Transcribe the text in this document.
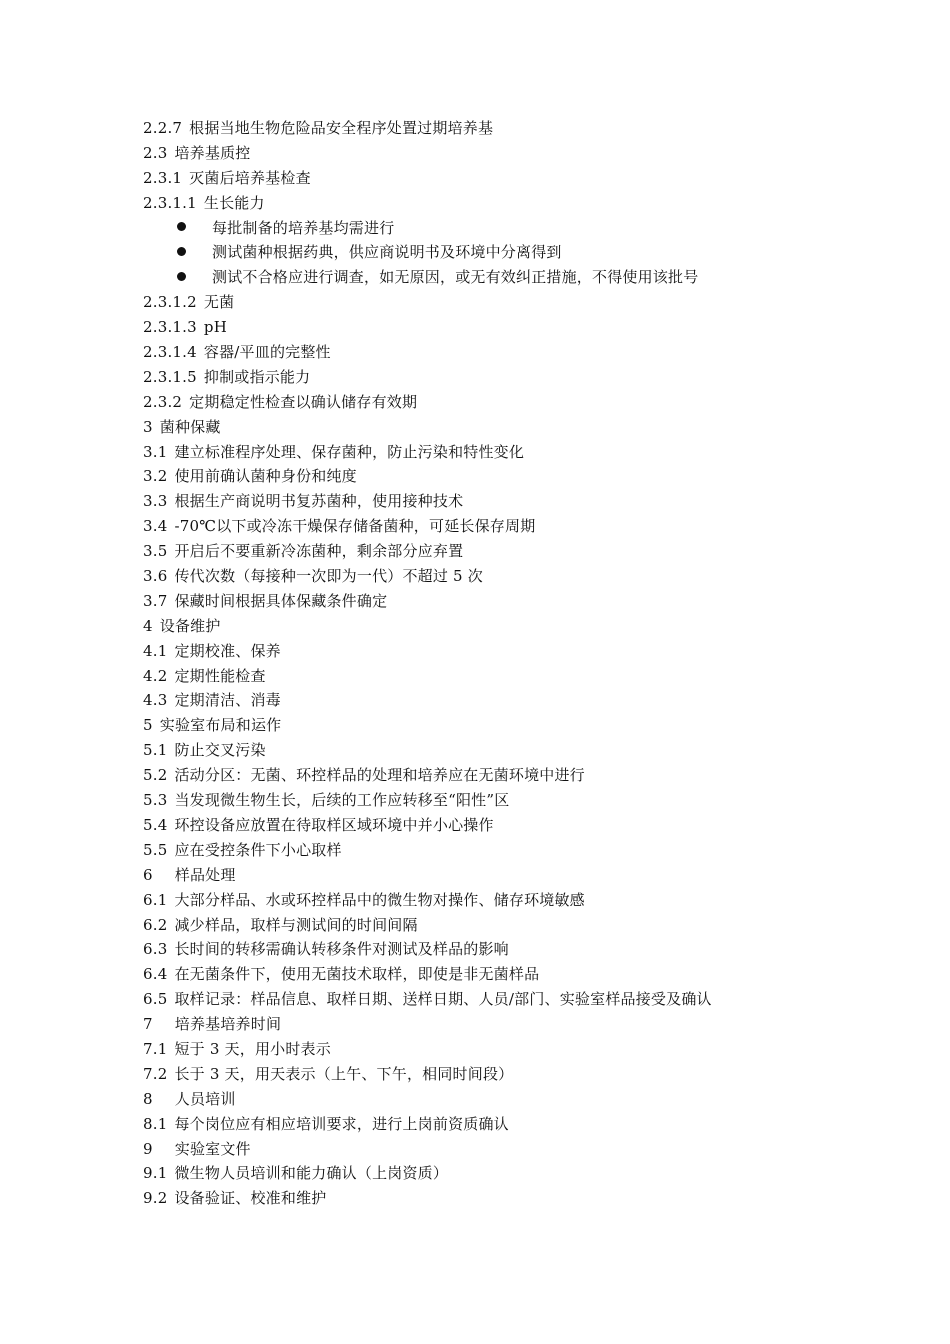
2.2.7 根据当地生物危险品安全程序处置过期培养基
2.3 培养基质控
2.3.1 灭菌后培养基检查
2.3.1.1 生长能力
每批制备的培养基均需进行
测试菌种根据药典，供应商说明书及环境中分离得到
测试不合格应进行调查，如无原因，或无有效纠正措施，不得使用该批号
2.3.1.2 无菌
2.3.1.3 pH
2.3.1.4 容器/平皿的完整性
2.3.1.5 抑制或指示能力
2.3.2 定期稳定性检查以确认储存有效期
3 菌种保藏
3.1 建立标准程序处理、保存菌种，防止污染和特性变化
3.2 使用前确认菌种身份和纯度
3.3 根据生产商说明书复苏菌种，使用接种技术
3.4 -70℃以下或冷冻干燥保存储备菌种，可延长保存周期
3.5 开启后不要重新冷冻菌种，剩余部分应弃置
3.6 传代次数（每接种一次即为一代）不超过 5 次
3.7 保藏时间根据具体保藏条件确定
4 设备维护
4.1 定期校准、保养
4.2 定期性能检查
4.3 定期清洁、消毒
5 实验室布局和运作
5.1 防止交叉污染
5.2 活动分区：无菌、环控样品的处理和培养应在无菌环境中进行
5.3 当发现微生物生长，后续的工作应转移至“阳性”区
5.4 环控设备应放置在待取样区域环境中并小心操作
5.5 应在受控条件下小心取样
6 样品处理
6.1 大部分样品、水或环控样品中的微生物对操作、储存环境敏感
6.2 减少样品，取样与测试间的时间间隔
6.3 长时间的转移需确认转移条件对测试及样品的影响
6.4 在无菌条件下，使用无菌技术取样，即使是非无菌样品
6.5 取样记录：样品信息、取样日期、送样日期、人员/部门、实验室样品接受及确认
7 培养基培养时间
7.1 短于 3 天，用小时表示
7.2 长于 3 天，用天表示（上午、下午，相同时间段）
8 人员培训
8.1 每个岗位应有相应培训要求，进行上岗前资质确认
9 实验室文件
9.1 微生物人员培训和能力确认（上岗资质）
9.2 设备验证、校准和维护
